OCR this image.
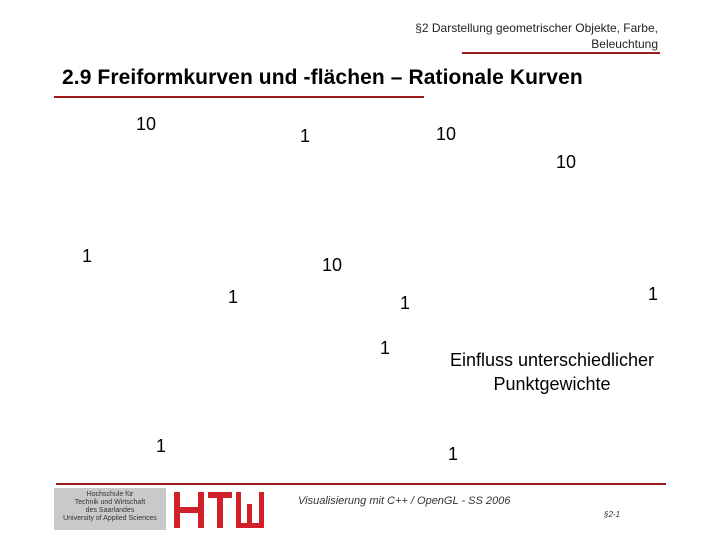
§2 Darstellung geometrischer Objekte, Farbe,
Beleuchtung
2.9 Freiformkurven und -flächen – Rationale Kurven
10
1	10
10
1	10
1	1
1
1
1	1
Einfluss unterschiedlicher
Punktgewichte
Hochschule für
Technik und Wirtschaft
des Saarlandes
University of Applied Sciences
Visualisierung mit C++ / OpenGL - SS 2006
§2-1
